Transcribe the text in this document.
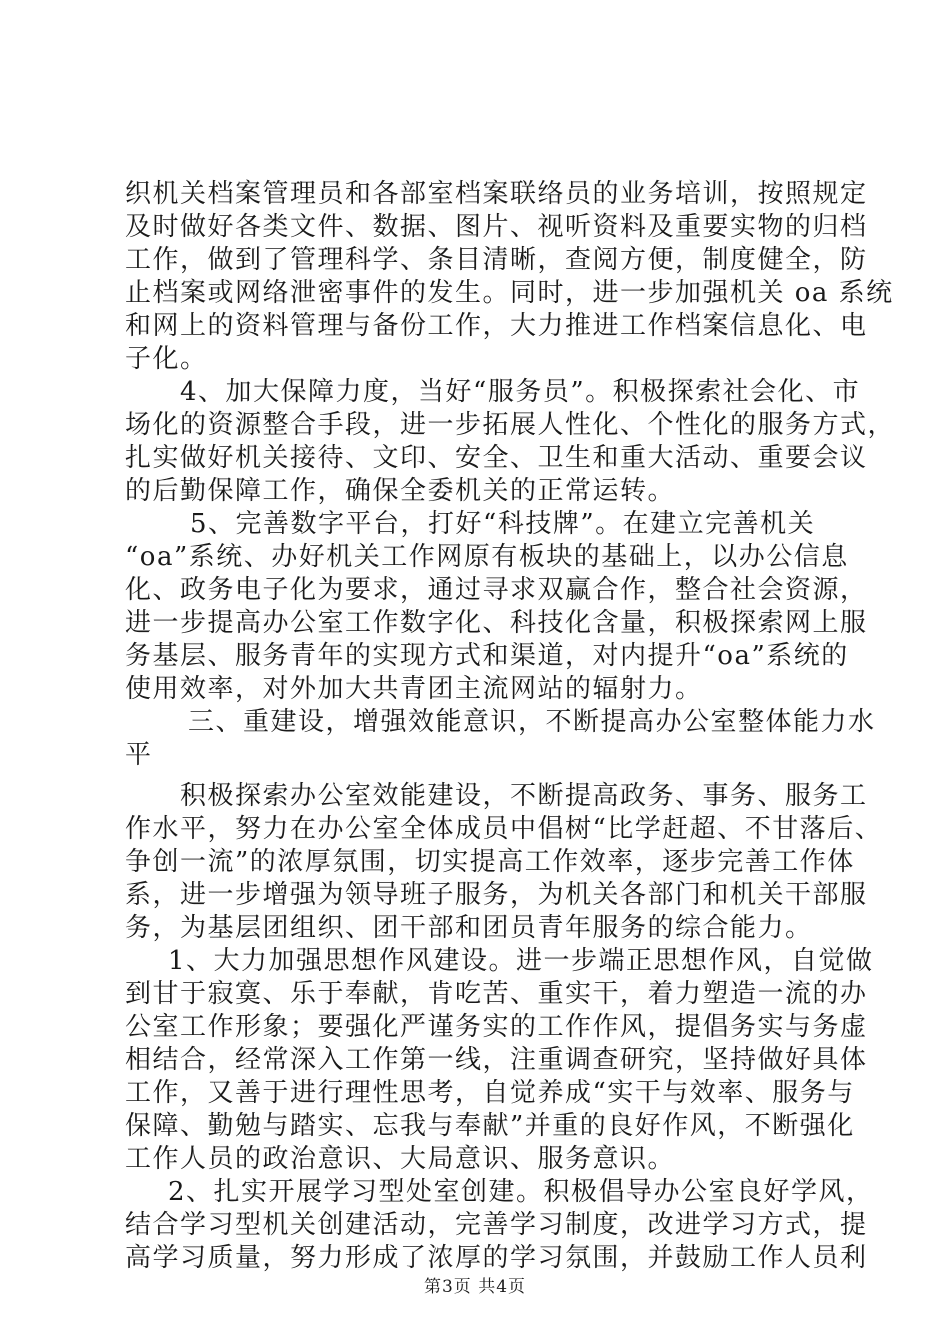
织机关档案管理员和各部室档案联络员的业务培训，按照规定
及时做好各类文件、数据、图片、视听资料及重要实物的归档
工作，做到了管理科学、条目清晰，查阅方便，制度健全，防
止档案或网络泄密事件的发生。同时，进一步加强机关 oa 系统
和网上的资料管理与备份工作，大力推进工作档案信息化、电
子化。
4、加大保障力度，当好“服务员”。积极探索社会化、市
场化的资源整合手段，进一步拓展人性化、个性化的服务方式，
扎实做好机关接待、文印、安全、卫生和重大活动、重要会议
的后勤保障工作，确保全委机关的正常运转。
5、完善数字平台，打好“科技牌”。在建立完善机关
“oa”系统、办好机关工作网原有板块的基础上，以办公信息
化、政务电子化为要求，通过寻求双赢合作，整合社会资源，
进一步提高办公室工作数字化、科技化含量，积极探索网上服
务基层、服务青年的实现方式和渠道，对内提升“oa”系统的
使用效率，对外加大共青团主流网站的辐射力。
三、重建设，增强效能意识，不断提高办公室整体能力水
平
积极探索办公室效能建设，不断提高政务、事务、服务工
作水平，努力在办公室全体成员中倡树“比学赶超、不甘落后、
争创一流”的浓厚氛围，切实提高工作效率，逐步完善工作体
系，进一步增强为领导班子服务，为机关各部门和机关干部服
务，为基层团组织、团干部和团员青年服务的综合能力。
1、大力加强思想作风建设。进一步端正思想作风，自觉做
到甘于寂寞、乐于奉献，肯吃苦、重实干，着力塑造一流的办
公室工作形象；要强化严谨务实的工作作风，提倡务实与务虚
相结合，经常深入工作第一线，注重调查研究，坚持做好具体
工作，又善于进行理性思考，自觉养成“实干与效率、服务与
保障、勤勉与踏实、忘我与奉献”并重的良好作风，不断强化
工作人员的政治意识、大局意识、服务意识。
2、扎实开展学习型处室创建。积极倡导办公室良好学风，
结合学习型机关创建活动，完善学习制度，改进学习方式，提
高学习质量，努力形成了浓厚的学习氛围，并鼓励工作人员利
第3页 共4页
